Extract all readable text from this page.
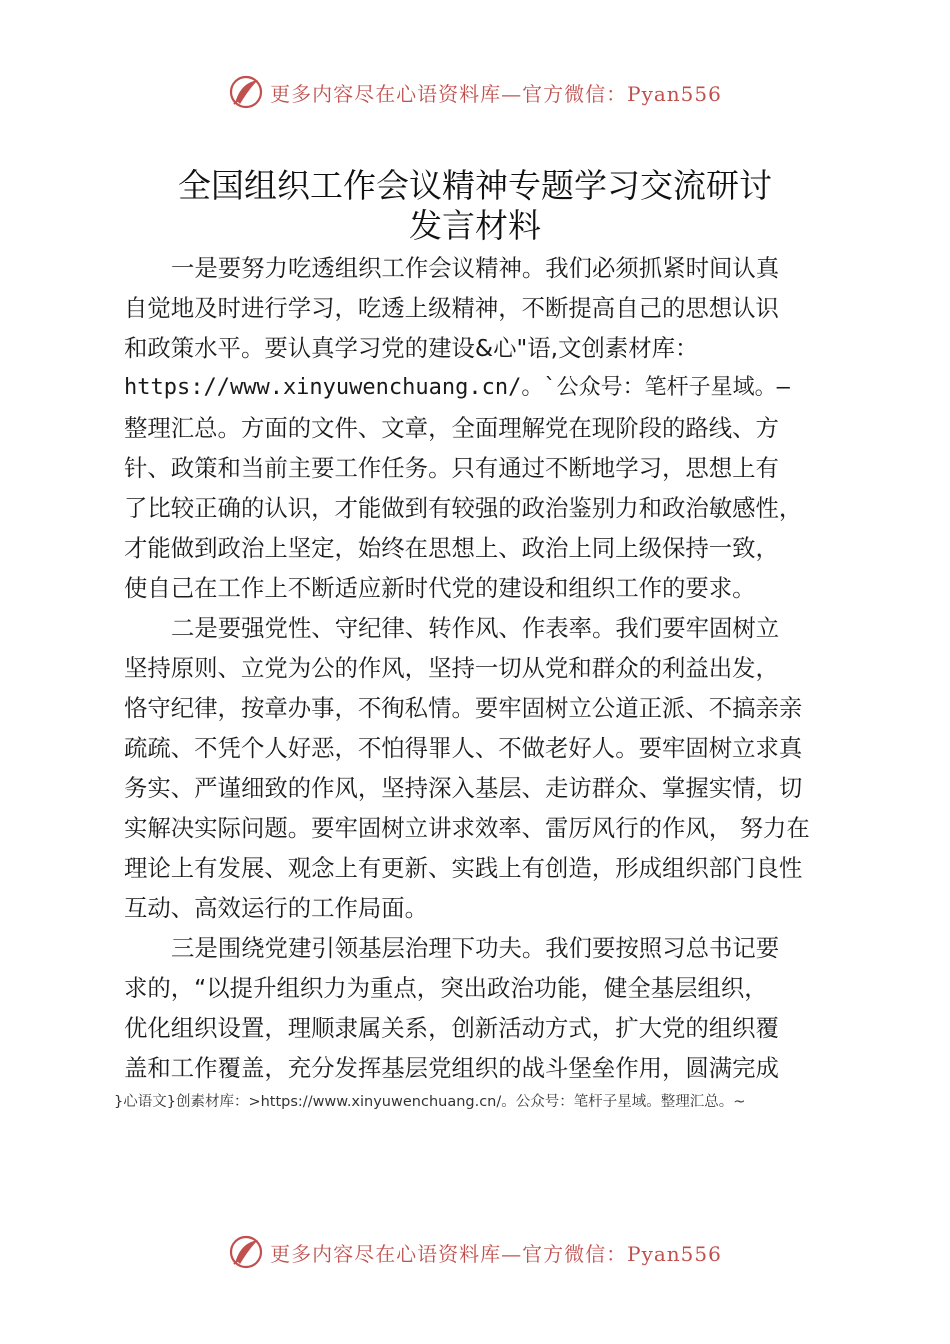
更多内容尽在心语资料库—官方微信：Pyan556
全国组织工作会议精神专题学习交流研讨
发言材料

一是要努力吃透组织工作会议精神。我们必须抓紧时间认真
自觉地及时进行学习，吃透上级精神，不断提高自己的思想认识
和政策水平。要认真学习党的建设&心"语,文创素材库：
https://www.xinyuwenchuang.cn/。`公众号：笔杆子星域。—
整理汇总。方面的文件、文章，全面理解党在现阶段的路线、方
针、政策和当前主要工作任务。只有通过不断地学习，思想上有
了比较正确的认识，才能做到有较强的政治鉴别力和政治敏感性，
才能做到政治上坚定，始终在思想上、政治上同上级保持一致，
使自己在工作上不断适应新时代党的建设和组织工作的要求。

二是要强党性、守纪律、转作风、作表率。我们要牢固树立
坚持原则、立党为公的作风，坚持一切从党和群众的利益出发，
恪守纪律，按章办事，不徇私情。要牢固树立公道正派、不搞亲亲
疏疏、不凭个人好恶，不怕得罪人、不做老好人。要牢固树立求真
务实、严谨细致的作风，坚持深入基层、走访群众、掌握实情，切
实解决实际问题。要牢固树立讲求效率、雷厉风行的作风， 努力在
理论上有发展、观念上有更新、实践上有创造，形成组织部门良性
互动、高效运行的工作局面。

三是围绕党建引领基层治理下功夫。我们要按照习总书记要
求的，“以提升组织力为重点，突出政治功能，健全基层组织，
优化组织设置，理顺隶属关系，创新活动方式，扩大党的组织覆
盖和工作覆盖，充分发挥基层党组织的战斗堡垒作用，圆满完成

}心语文}创素材库：>https://www.xinyuwenchuang.cn/。公众号：笔杆子星域。整理汇总。~
更多内容尽在心语资料库—官方微信：Pyan556
